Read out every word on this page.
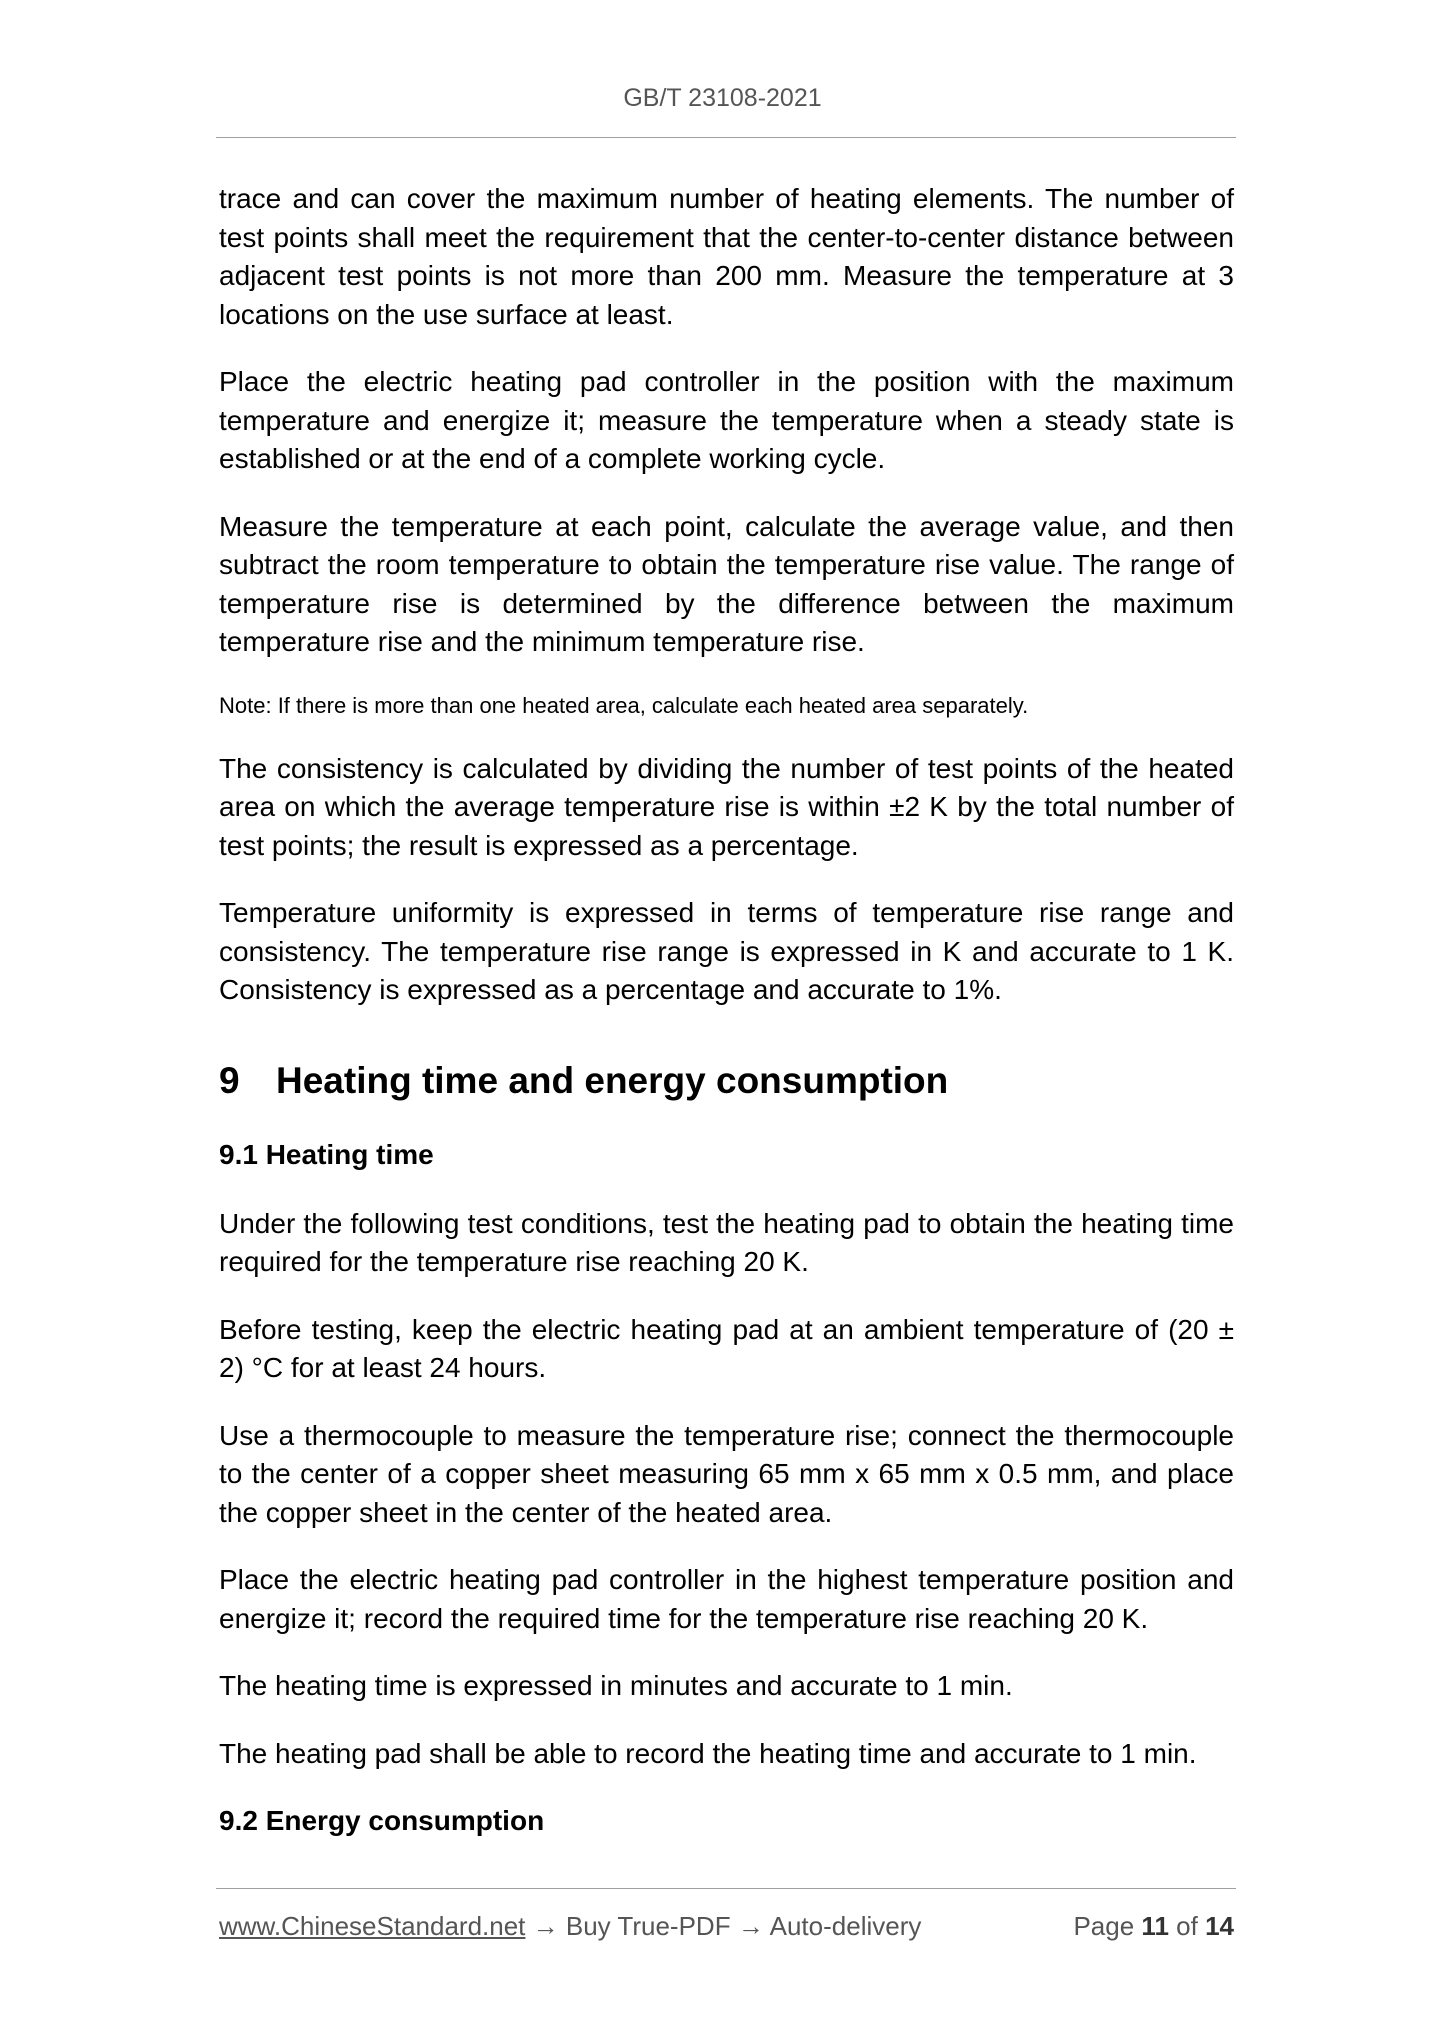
GB/T 23108-2021

trace and can cover the maximum number of heating elements. The number of test points shall meet the requirement that the center-to-center distance between adjacent test points is not more than 200 mm. Measure the temperature at 3 locations on the use surface at least.

Place the electric heating pad controller in the position with the maximum temperature and energize it; measure the temperature when a steady state is established or at the end of a complete working cycle.

Measure the temperature at each point, calculate the average value, and then subtract the room temperature to obtain the temperature rise value. The range of temperature rise is determined by the difference between the maximum temperature rise and the minimum temperature rise.

Note: If there is more than one heated area, calculate each heated area separately.

The consistency is calculated by dividing the number of test points of the heated area on which the average temperature rise is within ±2 K by the total number of test points; the result is expressed as a percentage.

Temperature uniformity is expressed in terms of temperature rise range and consistency. The temperature rise range is expressed in K and accurate to 1 K. Consistency is expressed as a percentage and accurate to 1%.

9 Heating time and energy consumption
9.1 Heating time

Under the following test conditions, test the heating pad to obtain the heating time required for the temperature rise reaching 20 K.

Before testing, keep the electric heating pad at an ambient temperature of (20 ± 2) °C for at least 24 hours.

Use a thermocouple to measure the temperature rise; connect the thermocouple to the center of a copper sheet measuring 65 mm x 65 mm x 0.5 mm, and place the copper sheet in the center of the heated area.

Place the electric heating pad controller in the highest temperature position and energize it; record the required time for the temperature rise reaching 20 K.

The heating time is expressed in minutes and accurate to 1 min.

The heating pad shall be able to record the heating time and accurate to 1 min.

9.2 Energy consumption
www.ChineseStandard.net → Buy True-PDF → Auto-delivery	Page 11 of 14
